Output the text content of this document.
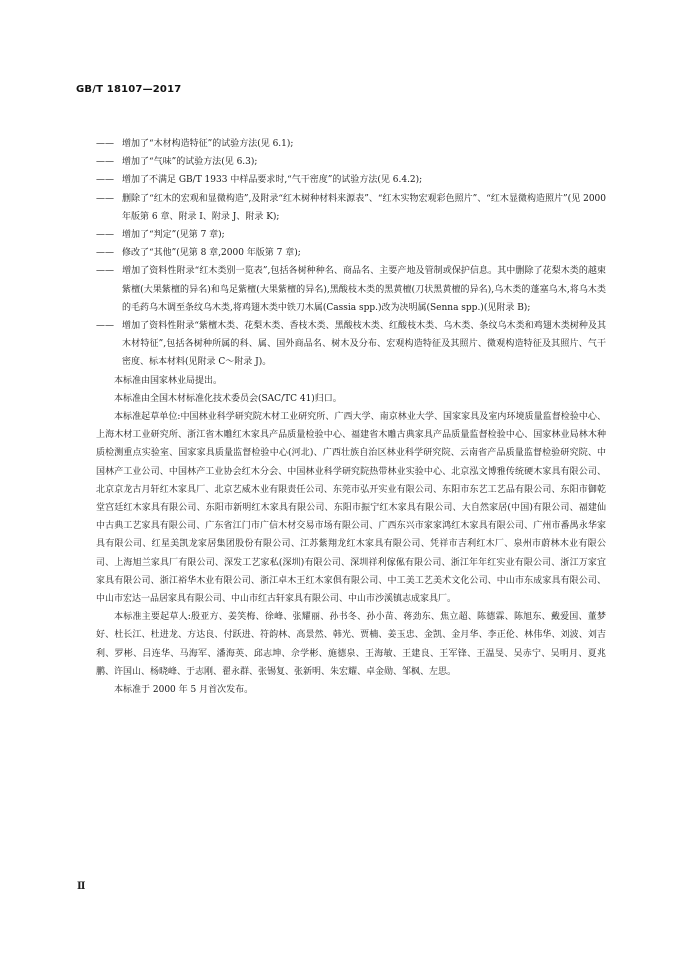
GB/T 18107—2017

—— 增加了“木材构造特征”的试验方法(见 6.1);

—— 增加了“气味”的试验方法(见 6.3);

—— 增加了不满足 GB/T 1933 中样品要求时,“气干密度”的试验方法(见 6.4.2);

—— 删除了“红木的宏观和显微构造”,及附录“红木树种材料来源表”、“红木实物宏观彩色照片”、“红木显微构造照片”(见 2000 年版第 6 章、附录 I、附录 J、附录 K);

—— 增加了“判定”(见第 7 章);

—— 修改了“其他”(见第 8 章,2000 年版第 7 章);

—— 增加了资料性附录“红木类别一览表”,包括各树种种名、商品名、主要产地及管制或保护信息。其中删除了花梨木类的越柬紫檀(大果紫檀的异名)和鸟足紫檀(大果紫檀的异名),黑酸枝木类的黑黄檀(刀状黑黄檀的异名),乌木类的蓬塞乌木,将乌木类的毛药乌木调至条纹乌木类,将鸡翅木类中铁刀木属(Cassia spp.)改为决明属(Senna spp.)(见附录 B);

—— 增加了资料性附录“紫檀木类、花梨木类、香枝木类、黑酸枝木类、红酸枝木类、乌木类、条纹乌木类和鸡翅木类树种及其木材特征”,包括各树种所属的科、属、国外商品名、树木及分布、宏观构造特征及其照片、微观构造特征及其照片、气干密度、标本材料(见附录 C～附录 J)。

本标准由国家林业局提出。

本标准由全国木材标准化技术委员会(SAC/TC 41)归口。

本标准起草单位:中国林业科学研究院木材工业研究所、广西大学、南京林业大学、国家家具及室内环境质量监督检验中心、上海木材工业研究所、浙江省木雕红木家具产品质量检验中心、福建省木雕古典家具产品质量监督检验中心、国家林业局林木种质检测重点实验室、国家家具质量监督检验中心(河北)、广西壮族自治区林业科学研究院、云南省产品质量监督检验研究院、中国林产工业公司、中国林产工业协会红木分会、中国林业科学研究院热带林业实验中心、北京泓文博雅传统硬木家具有限公司、北京京龙古月轩红木家具厂、北京艺威木业有限责任公司、东莞市弘开实业有限公司、东阳市东艺工艺品有限公司、东阳市御乾堂宫廷红木家具有限公司、东阳市新明红木家具有限公司、东阳市振宁红木家具有限公司、大自然家居(中国)有限公司、福建仙中古典工艺家具有限公司、广东省江门市广信木材交易市场有限公司、广西东兴市家家鸿红木家具有限公司、广州市番禺永华家具有限公司、红星美凯龙家居集团股份有限公司、江苏紫翔龙红木家具有限公司、凭祥市吉利红木厂、泉州市蔚林木业有限公司、上海旭兰家具厂有限公司、深发工艺家私(深圳)有限公司、深圳祥利傢俬有限公司、浙江年年红实业有限公司、浙江万家宜家具有限公司、浙江裕华木业有限公司、浙江卓木王红木家俱有限公司、中工美工艺美术文化公司、中山市东成家具有限公司、中山市宏达一品居家具有限公司、中山市红古轩家具有限公司、中山市沙溪镇志成家具厂。

本标准主要起草人:殷亚方、姜笑梅、徐峰、张耀丽、孙书冬、孙小苗、蒋劲东、焦立超、陈德霖、陈旭东、戴爱国、董梦好、杜长江、杜进龙、方达良、付跃进、符韵林、高景然、韩光、贾楠、姜玉忠、金凯、金月华、李正伦、林伟华、刘波、刘吉利、罗彬、吕连华、马海军、潘海英、邱志坤、佘学彬、施德泉、王海敏、王建良、王军锋、王温旻、吴赤宁、吴明月、夏兆鹏、许国山、杨晓峰、于志刚、翟永群、张锡复、张新明、朱宏耀、卓金勋、邹枫、左思。

本标准于 2000 年 5 月首次发布。

Ⅱ
